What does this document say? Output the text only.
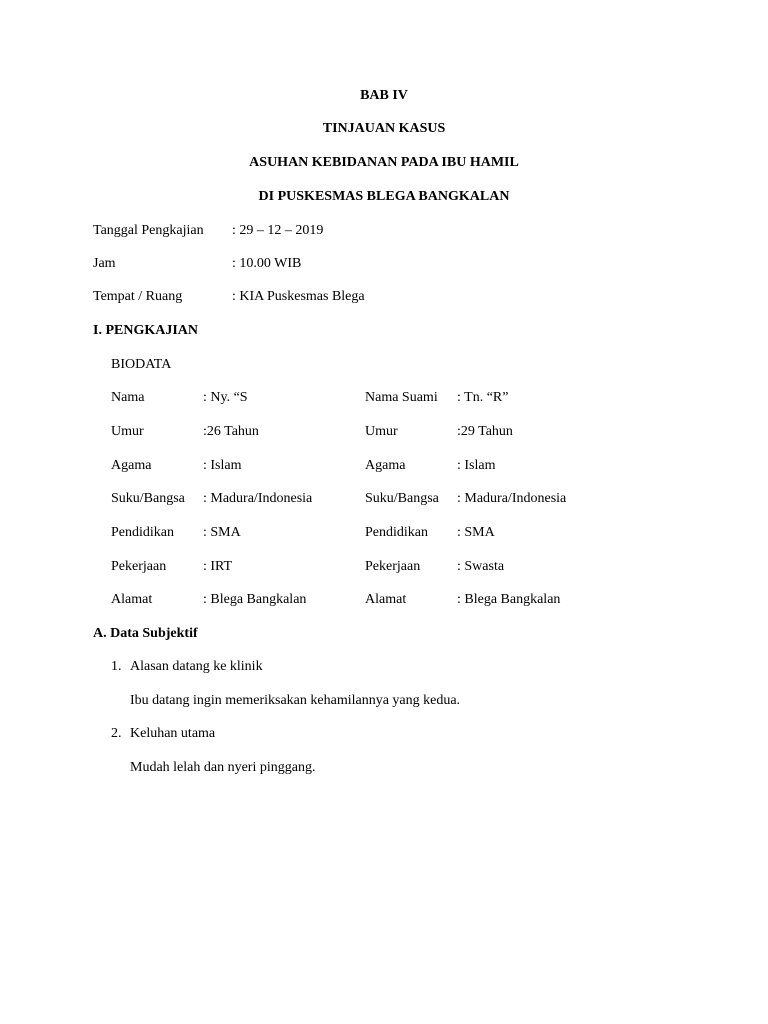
BAB IV
TINJAUAN KASUS
ASUHAN KEBIDANAN PADA IBU HAMIL
DI PUSKESMAS BLEGA BANGKALAN
Tanggal Pengkajian : 29 – 12 – 2019
Jam	: 10.00 WIB
Tempat / Ruang	: KIA Puskesmas Blega
I. PENGKAJIAN
BIODATA
Nama	: Ny. “S	Nama Suami : Tn. “R”
Umur	:26 Tahun	Umur	:29 Tahun
Agama	: Islam	Agama	: Islam
Suku/Bangsa : Madura/Indonesia	Suku/Bangsa : Madura/Indonesia
Pendidikan : SMA	Pendidikan : SMA
Pekerjaan	: IRT	Pekerjaan	: Swasta
Alamat	: Blega Bangkalan	Alamat	: Blega Bangkalan
A. Data Subjektif
1. Alasan datang ke klinik
Ibu datang ingin memeriksakan kehamilannya yang kedua.
2. Keluhan utama
Mudah lelah dan nyeri pinggang.
